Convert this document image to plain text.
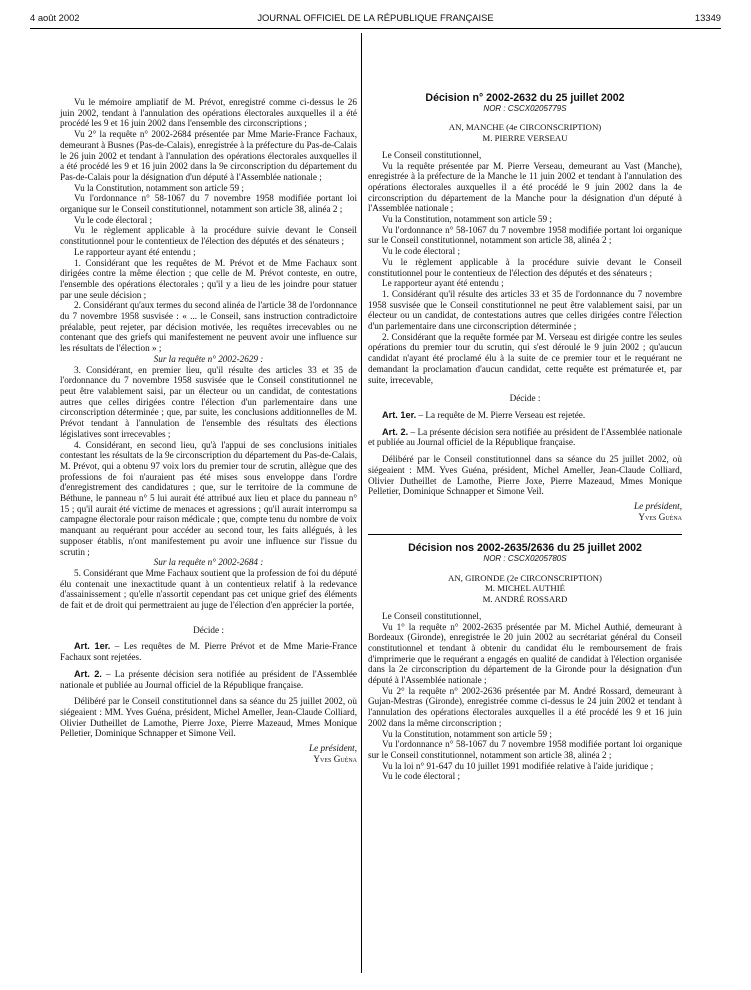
4 août 2002	JOURNAL OFFICIEL DE LA RÉPUBLIQUE FRANÇAISE	13349

Vu le mémoire ampliatif de M. Prévot, enregistré comme ci-dessus le 26 juin 2002, tendant à l'annulation des opérations électorales auxquelles il a été procédé les 9 et 16 juin 2002 dans l'ensemble des circonscriptions ;

Vu 2° la requête n° 2002-2684 présentée par Mme Marie-France Fachaux, demeurant à Busnes (Pas-de-Calais), enregistrée à la préfecture du Pas-de-Calais le 26 juin 2002 et tendant à l'annulation des opérations électorales auxquelles il a été procédé les 9 et 16 juin 2002 dans la 9e circonscription du département du Pas-de-Calais pour la désignation d'un député à l'Assemblée nationale ;

Vu la Constitution, notamment son article 59 ;

Vu l'ordonnance n° 58-1067 du 7 novembre 1958 modifiée portant loi organique sur le Conseil constitutionnel, notamment son article 38, alinéa 2 ;

Vu le code électoral ;

Vu le règlement applicable à la procédure suivie devant le Conseil constitutionnel pour le contentieux de l'élection des députés et des sénateurs ;

Le rapporteur ayant été entendu ;

1. Considérant que les requêtes de M. Prévot et de Mme Fachaux sont dirigées contre la même élection ; que celle de M. Prévot conteste, en outre, l'ensemble des opérations électorales ; qu'il y a lieu de les joindre pour statuer par une seule décision ;

2. Considérant qu'aux termes du second alinéa de l'article 38 de l'ordonnance du 7 novembre 1958 susvisée : « ... le Conseil, sans instruction contradictoire préalable, peut rejeter, par décision motivée, les requêtes irrecevables ou ne contenant que des griefs qui manifestement ne peuvent avoir une influence sur les résultats de l'élection » ;

Sur la requête n° 2002-2629 :

3. Considérant, en premier lieu, qu'il résulte des articles 33 et 35 de l'ordonnance du 7 novembre 1958 susvisée que le Conseil constitutionnel ne peut être valablement saisi, par un électeur ou un candidat, de contestations autres que celles dirigées contre l'élection d'un parlementaire dans une circonscription déterminée ; que, par suite, les conclusions additionnelles de M. Prévot tendant à l'annulation de l'ensemble des résultats des élections législatives sont irrecevables ;

4. Considérant, en second lieu, qu'à l'appui de ses conclusions initiales contestant les résultats de la 9e circonscription du département du Pas-de-Calais, M. Prévot, qui a obtenu 97 voix lors du premier tour de scrutin, allègue que des professions de foi n'auraient pas été mises sous enveloppe dans l'ordre d'enregistrement des candidatures ; que, sur le territoire de la commune de Béthune, le panneau n° 5 lui aurait été attribué aux lieu et place du panneau n° 15 ; qu'il aurait été victime de menaces et agressions ; qu'il aurait interrompu sa campagne électorale pour raison médicale ; que, compte tenu du nombre de voix manquant au requérant pour accéder au second tour, les faits allégués, à les supposer établis, n'ont manifestement pu avoir une influence sur l'issue du scrutin ;

Sur la requête n° 2002-2684 :

5. Considérant que Mme Fachaux soutient que la profession de foi du député élu contenait une inexactitude quant à un contentieux relatif à la redevance d'assainissement ; qu'elle n'assortit cependant pas cet unique grief des éléments de fait et de droit qui permettraient au juge de l'élection d'en apprécier la portée,

Décide :

Art. 1er. – Les requêtes de M. Pierre Prévot et de Mme Marie-France Fachaux sont rejetées.

Art. 2. – La présente décision sera notifiée au président de l'Assemblée nationale et publiée au Journal officiel de la République française.

Délibéré par le Conseil constitutionnel dans sa séance du 25 juillet 2002, où siégeaient : MM. Yves Guéna, président, Michel Ameller, Jean-Claude Colliard, Olivier Dutheillet de Lamothe, Pierre Joxe, Pierre Mazeaud, Mmes Monique Pelletier, Dominique Schnapper et Simone Veil.

Le président,

Yves Guéna

Décision n° 2002-2632 du 25 juillet 2002

NOR : CSCX0205779S

AN, MANCHE (4e CIRCONSCRIPTION)

M. PIERRE VERSEAU

Le Conseil constitutionnel,

Vu la requête présentée par M. Pierre Verseau, demeurant au Vast (Manche), enregistrée à la préfecture de la Manche le 11 juin 2002 et tendant à l'annulation des opérations électorales auxquelles il a été procédé le 9 juin 2002 dans la 4e circonscription du département de la Manche pour la désignation d'un député à l'Assemblée nationale ;

Vu la Constitution, notamment son article 59 ;

Vu l'ordonnance n° 58-1067 du 7 novembre 1958 modifiée portant loi organique sur le Conseil constitutionnel, notamment son article 38, alinéa 2 ;

Vu le code électoral ;

Vu le règlement applicable à la procédure suivie devant le Conseil constitutionnel pour le contentieux de l'élection des députés et des sénateurs ;

Le rapporteur ayant été entendu ;

1. Considérant qu'il résulte des articles 33 et 35 de l'ordonnance du 7 novembre 1958 susvisée que le Conseil constitutionnel ne peut être valablement saisi, par un électeur ou un candidat, de contestations autres que celles dirigées contre l'élection d'un parlementaire dans une circonscription déterminée ;

2. Considérant que la requête formée par M. Verseau est dirigée contre les seules opérations du premier tour du scrutin, qui s'est déroulé le 9 juin 2002 ; qu'aucun candidat n'ayant été proclamé élu à la suite de ce premier tour et le requérant ne demandant la proclamation d'aucun candidat, cette requête est prématurée et, par suite, irrecevable,

Décide :

Art. 1er. – La requête de M. Pierre Verseau est rejetée.

Art. 2. – La présente décision sera notifiée au président de l'Assemblée nationale et publiée au Journal officiel de la République française.

Délibéré par le Conseil constitutionnel dans sa séance du 25 juillet 2002, où siégeaient : MM. Yves Guéna, président, Michel Ameller, Jean-Claude Colliard, Olivier Dutheillet de Lamothe, Pierre Joxe, Pierre Mazeaud, Mmes Monique Pelletier, Dominique Schnapper et Simone Veil.

Le président,

Yves Guéna

Décision nos 2002-2635/2636 du 25 juillet 2002

NOR : CSCX0205780S

AN, GIRONDE (2e CIRCONSCRIPTION)

M. MICHEL AUTHIÉ

M. ANDRÉ ROSSARD

Le Conseil constitutionnel,

Vu 1° la requête n° 2002-2635 présentée par M. Michel Authié, demeurant à Bordeaux (Gironde), enregistrée le 20 juin 2002 au secrétariat général du Conseil constitutionnel et tendant à obtenir du candidat élu le remboursement de frais d'imprimerie que le requérant a engagés en qualité de candidat à l'élection organisée dans la 2e circonscription du département de la Gironde pour la désignation d'un député à l'Assemblée nationale ;

Vu 2° la requête n° 2002-2636 présentée par M. André Rossard, demeurant à Gujan-Mestras (Gironde), enregistrée comme ci-dessus le 24 juin 2002 et tendant à l'annulation des opérations électorales auxquelles il a été procédé les 9 et 16 juin 2002 dans la même circonscription ;

Vu la Constitution, notamment son article 59 ;

Vu l'ordonnance n° 58-1067 du 7 novembre 1958 modifiée portant loi organique sur le Conseil constitutionnel, notamment son article 38, alinéa 2 ;

Vu la loi n° 91-647 du 10 juillet 1991 modifiée relative à l'aide juridique ;

Vu le code électoral ;
